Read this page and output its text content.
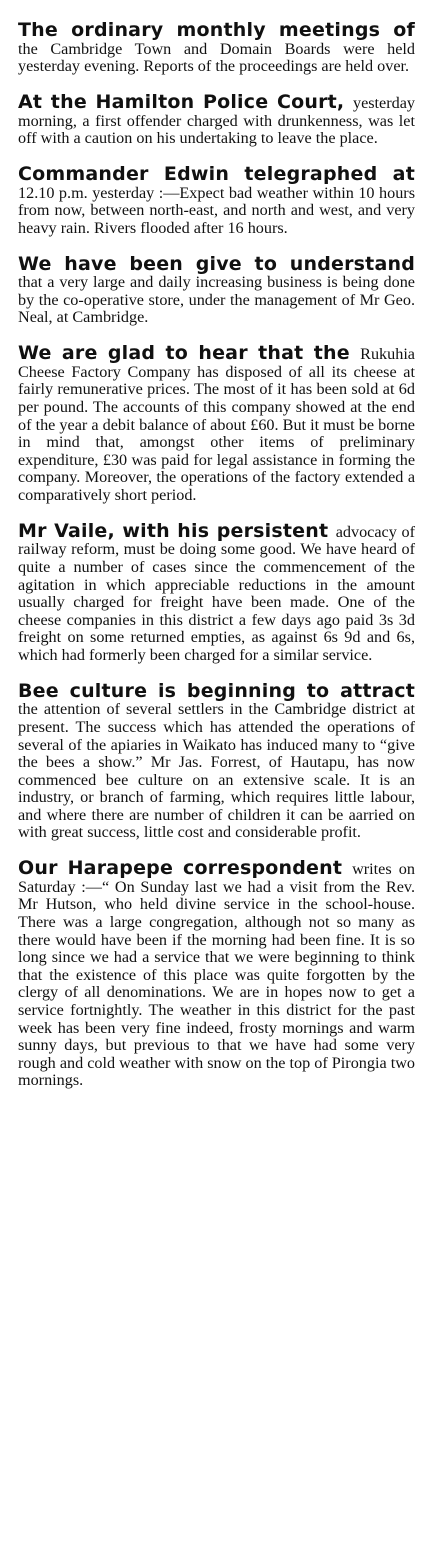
The ordinary monthly meetings of the Cambridge Town and Domain Boards were held yesterday evening. Reports of the proceedings are held over.

At the Hamilton Police Court, yesterday morning, a first offender charged with drunkenness, was let off with a caution on his undertaking to leave the place.

Commander Edwin telegraphed at 12.10 p.m. yesterday :—Expect bad weather within 10 hours from now, between north-east, and north and west, and very heavy rain. Rivers flooded after 16 hours.

We have been give to understand that a very large and daily increasing business is being done by the co-operative store, under the management of Mr Geo. Neal, at Cambridge.

We are glad to hear that the Rukuhia Cheese Factory Company has disposed of all its cheese at fairly remunerative prices. The most of it has been sold at 6d per pound. The accounts of this company showed at the end of the year a debit balance of about £60. But it must be borne in mind that, amongst other items of preliminary expenditure, £30 was paid for legal assistance in forming the company. Moreover, the operations of the factory extended a comparatively short period.

Mr Vaile, with his persistent advocacy of railway reform, must be doing some good. We have heard of quite a number of cases since the commencement of the agitation in which appreciable reductions in the amount usually charged for freight have been made. One of the cheese companies in this district a few days ago paid 3s 3d freight on some returned empties, as against 6s 9d and 6s, which had formerly been charged for a similar service.

Bee culture is beginning to attract the attention of several settlers in the Cambridge district at present. The success which has attended the operations of several of the apiaries in Waikato has induced many to “give the bees a show.” Mr Jas. Forrest, of Hautapu, has now commenced bee culture on an extensive scale. It is an industry, or branch of farming, which requires little labour, and where there are number of children it can be aarried on with great success, little cost and considerable profit.

Our Harapepe correspondent writes on Saturday :—“ On Sunday last we had a visit from the Rev. Mr Hutson, who held divine service in the school-house. There was a large congregation, although not so many as there would have been if the morning had been fine. It is so long since we had a service that we were beginning to think that the existence of this place was quite forgotten by the clergy of all denominations. We are in hopes now to get a service fortnightly. The weather in this district for the past week has been very fine indeed, frosty mornings and warm sunny days, but previous to that we have had some very rough and cold weather with snow on the top of Pirongia two mornings.
